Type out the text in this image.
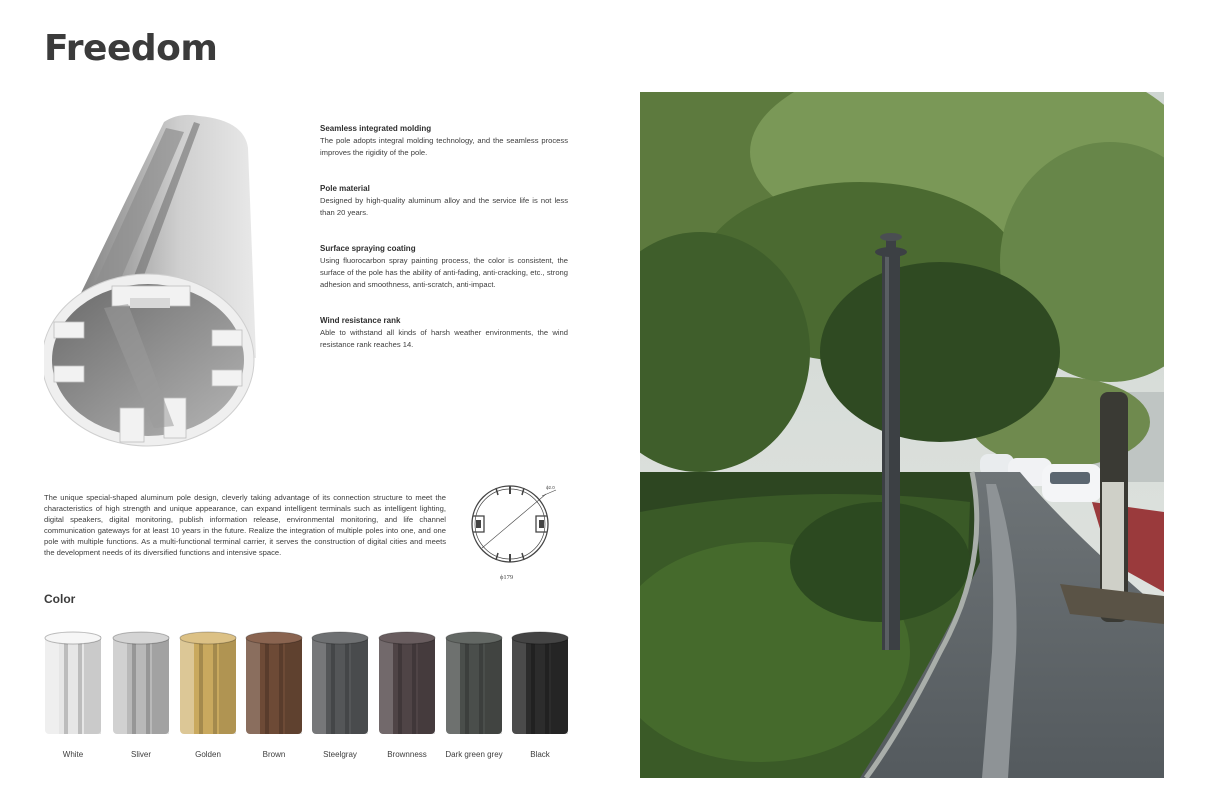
Freedom
Seamless integrated molding

The pole adopts integral molding technology, and the seamless process improves the rigidity of the pole.

Pole material

Designed by high-quality aluminum alloy and the service life is not less than 20 years.

Surface spraying coating

Using fluorocarbon spray painting process, the color is consistent, the surface of the pole has the ability of anti-fading, anti-cracking, etc., strong adhesion and smoothness, anti-scratch, anti-impact.

Wind resistance rank

Able to withstand all kinds of harsh weather environments, the wind resistance rank reaches 14.

The unique special-shaped aluminum pole design, cleverly taking advantage of its connection structure to meet the characteristics of high strength and unique appearance, can expand intelligent terminals such as intelligent lighting, digital speakers, digital monitoring, publish information release, environmental monitoring, and life channel communication gateways for at least 10 years in the future. Realize the integration of multiple poles into one, and one pole with multiple functions. As a multi-functional terminal carrier, it serves the construction of digital cities and meets the development needs of its diversified functions and intensive space.

ϕ2.0
ϕ179
Color
White	Sliver	Golden	Brown	Steelgray	Brownness	Dark green grey	Black
